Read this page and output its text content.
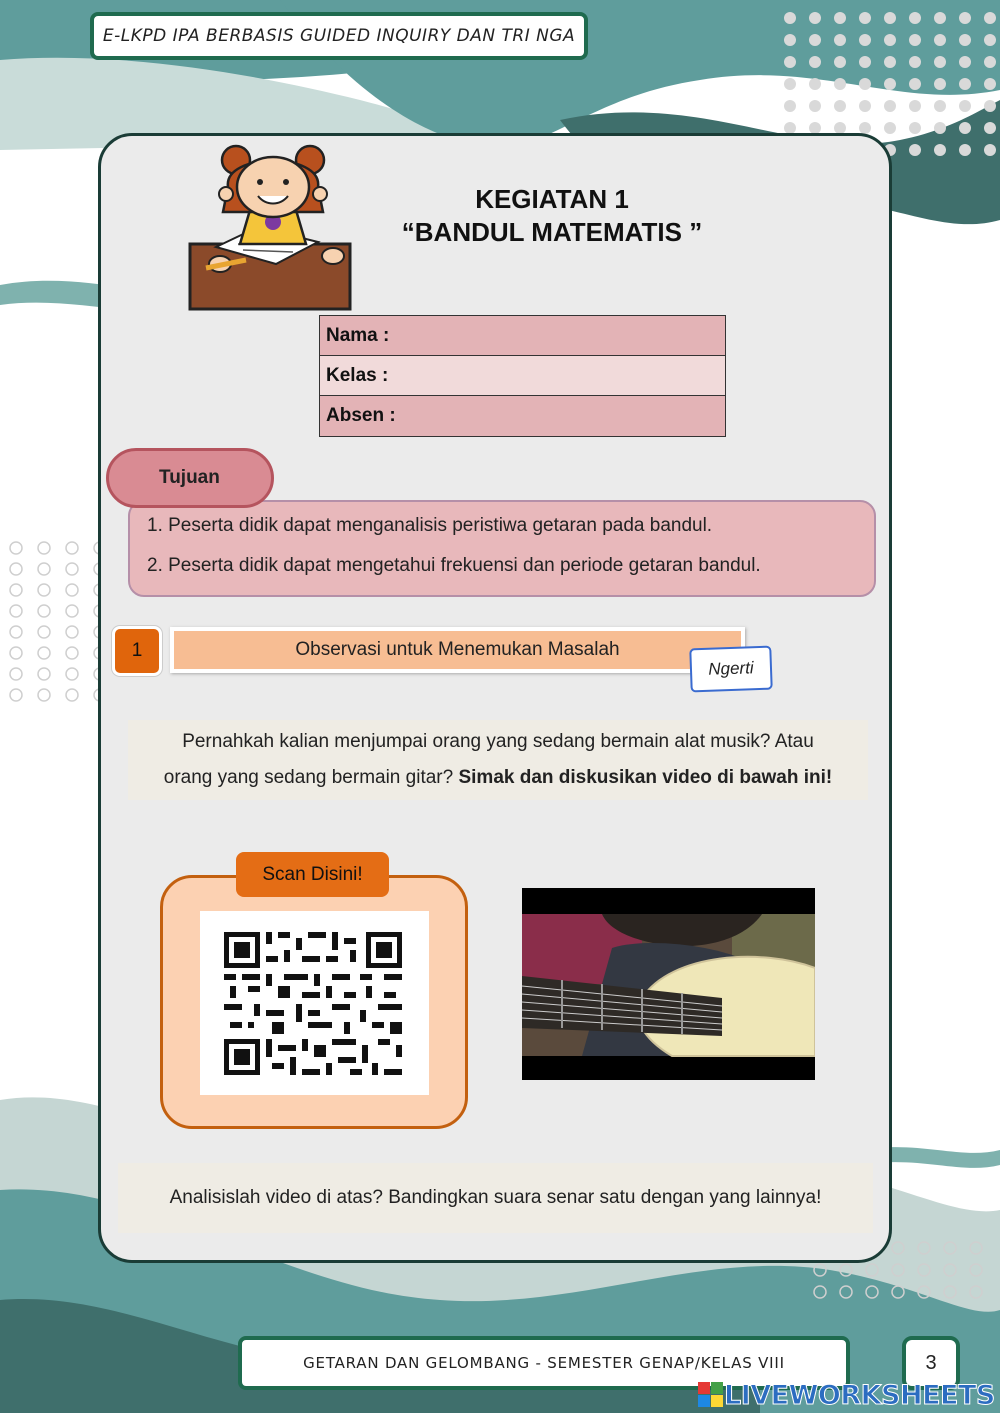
E-LKPD IPA BERBASIS GUIDED INQUIRY DAN TRI NGA
KEGIATAN 1
“BANDUL MATEMATIS ”
Nama :
Kelas :
Absen :
Tujuan
1. Peserta didik dapat menganalisis peristiwa getaran pada bandul.
2. Peserta didik dapat mengetahui frekuensi dan periode getaran bandul.
1	Observasi untuk Menemukan Masalah
Ngerti
Pernahkah kalian menjumpai orang yang sedang bermain alat musik? Atau
orang yang sedang bermain gitar? Simak dan diskusikan video di bawah ini!
Scan Disini!
Analisislah video di atas? Bandingkan suara senar satu dengan yang lainnya!
GETARAN DAN GELOMBANG - SEMESTER GENAP/KELAS VIII	3
LIVEWORKSHEETS
